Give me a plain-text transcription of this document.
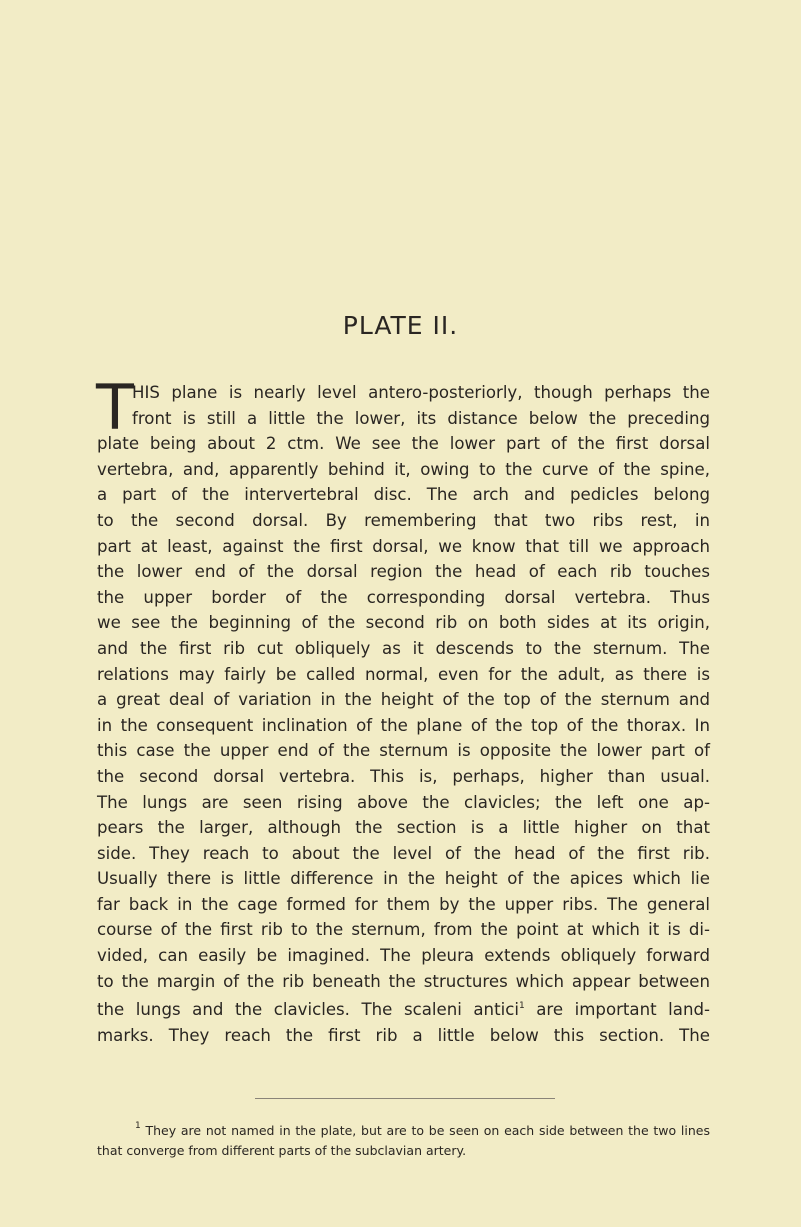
PLATE II.
T
HIS plane is nearly level antero-posteriorly, though perhaps the
front is still a little the lower, its distance below the preceding
plate being about 2 ctm. We see the lower part of the first dorsal
vertebra, and, apparently behind it, owing to the curve of the spine,
a part of the intervertebral disc. The arch and pedicles belong
to the second dorsal. By remembering that two ribs rest, in
part at least, against the first dorsal, we know that till we approach
the lower end of the dorsal region the head of each rib touches
the upper border of the corresponding dorsal vertebra. Thus
we see the beginning of the second rib on both sides at its origin,
and the first rib cut obliquely as it descends to the sternum. The
relations may fairly be called normal, even for the adult, as there is
a great deal of variation in the height of the top of the sternum and
in the consequent inclination of the plane of the top of the thorax. In
this case the upper end of the sternum is opposite the lower part of
the second dorsal vertebra. This is, perhaps, higher than usual.
The lungs are seen rising above the clavicles; the left one ap-
pears the larger, although the section is a little higher on that
side. They reach to about the level of the head of the first rib.
Usually there is little difference in the height of the apices which lie
far back in the cage formed for them by the upper ribs. The general
course of the first rib to the sternum, from the point at which it is di-
vided, can easily be imagined. The pleura extends obliquely forward
to the margin of the rib beneath the structures which appear between
the lungs and the clavicles. The scaleni antici$^1$ are important land-
marks. They reach the first rib a little below this section. The
$^1$ They are not named in the plate, but are to be seen on each side between the two lines
that converge from different parts of the subclavian artery.
